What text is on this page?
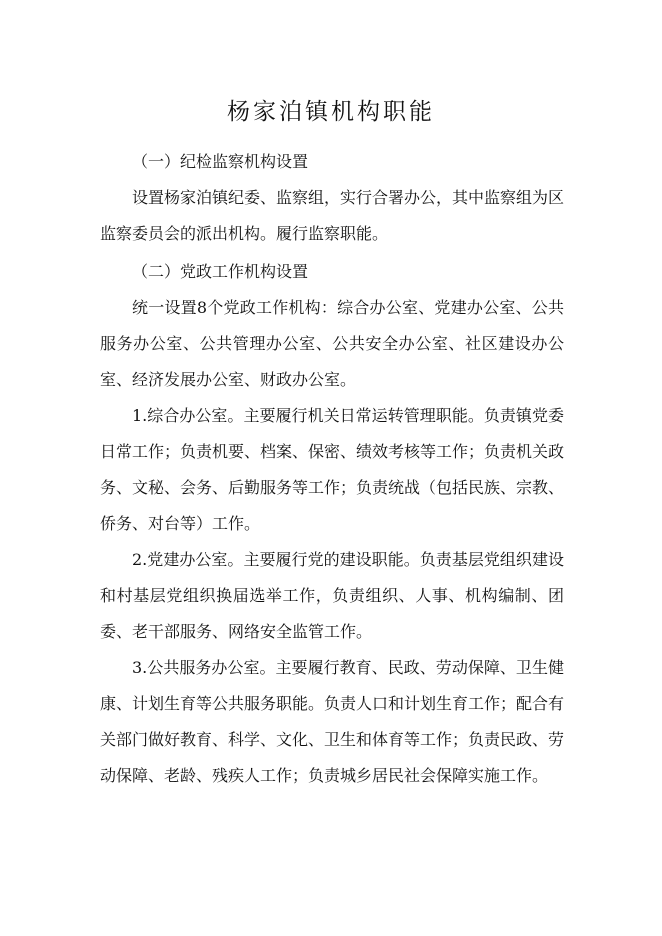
杨家泊镇机构职能

（一）纪检监察机构设置

设置杨家泊镇纪委、监察组，实行合署办公，其中监察组为区监察委员会的派出机构。履行监察职能。

（二）党政工作机构设置

统一设置8个党政工作机构：综合办公室、党建办公室、公共服务办公室、公共管理办公室、公共安全办公室、社区建设办公室、经济发展办公室、财政办公室。

1.综合办公室。主要履行机关日常运转管理职能。负责镇党委日常工作；负责机要、档案、保密、绩效考核等工作；负责机关政务、文秘、会务、后勤服务等工作；负责统战（包括民族、宗教、侨务、对台等）工作。

2.党建办公室。主要履行党的建设职能。负责基层党组织建设和村基层党组织换届选举工作，负责组织、人事、机构编制、团委、老干部服务、网络安全监管工作。

3.公共服务办公室。主要履行教育、民政、劳动保障、卫生健康、计划生育等公共服务职能。负责人口和计划生育工作；配合有关部门做好教育、科学、文化、卫生和体育等工作；负责民政、劳动保障、老龄、残疾人工作；负责城乡居民社会保障实施工作。
